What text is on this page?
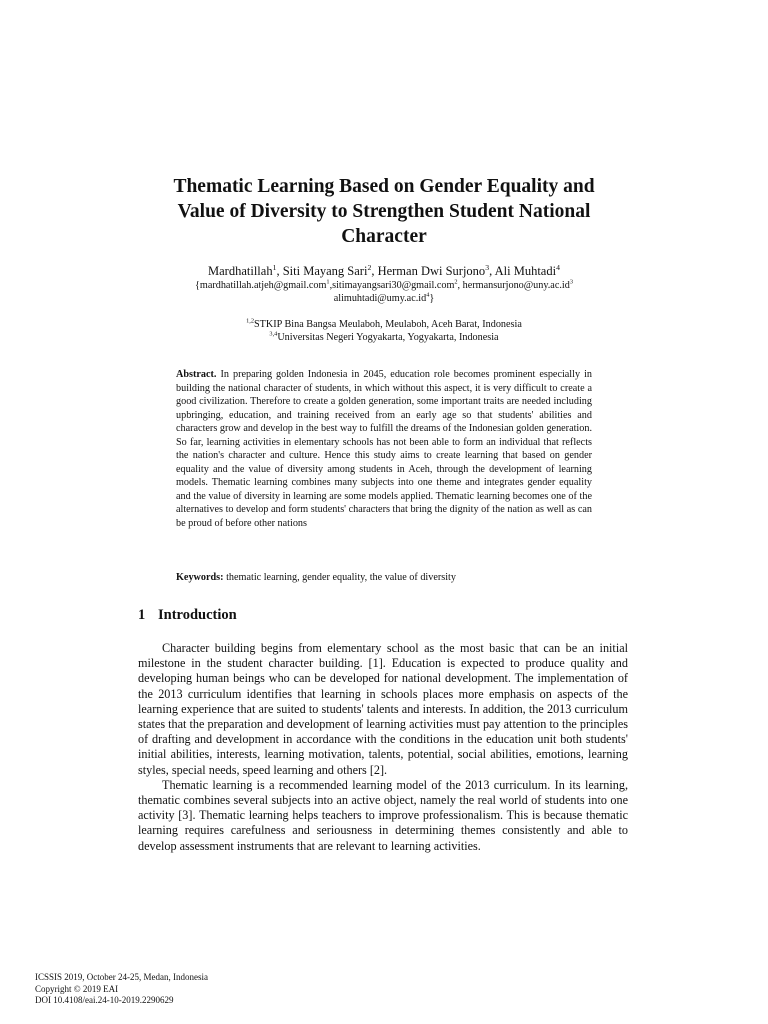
Thematic Learning Based on Gender Equality and
Value of Diversity to Strengthen Student National
Character
Mardhatillah$^1$, Siti Mayang Sari$^2$, Herman Dwi Surjono$^3$, Ali Muhtadi$^4$
{mardhatillah.atjeh@gmail.com$^1$,sitimayangsari30@gmail.com$^2$, $hermansurjono@uny.ac.id^3$
$alimuhtadi@umy.ac.id^4$}
$^{1,2}$STKIP Bina Bangsa Meulaboh, Meulaboh, Aceh Barat, Indonesia
$^{3,4}$Universitas Negeri Yogyakarta, Yogyakarta, Indonesia
Abstract. In preparing golden Indonesia in 2045, education role becomes prominent especially in building the national character of students, in which without this aspect, it is very difficult to create a good civilization. Therefore to create a golden generation, some important traits are needed including upbringing, education, and training received from an early age so that students' abilities and characters grow and develop in the best way to fulfill the dreams of the Indonesian golden generation. So far, learning activities in elementary schools has not been able to form an individual that reflects the nation's character and culture. Hence this study aims to create learning that based on gender equality and the value of diversity among students in Aceh, through the development of learning models. Thematic learning combines many subjects into one theme and integrates gender equality and the value of diversity in learning are some models applied. Thematic learning becomes one of the alternatives to develop and form students' characters that bring the dignity of the nation as well as can be proud of before other nations
Keywords: thematic learning, gender equality, the value of diversity
1 Introduction

Character building begins from elementary school as the most basic that can be an initial milestone in the student character building. [1]. Education is expected to produce quality and developing human beings who can be developed for national development. The implementation of the 2013 curriculum identifies that learning in schools places more emphasis on aspects of the learning experience that are suited to students' talents and interests. In addition, the 2013 curriculum states that the preparation and development of learning activities must pay attention to the principles of drafting and development in accordance with the conditions in the education unit both students' initial abilities, interests, learning motivation, talents, potential, social abilities, emotions, learning styles, special needs, speed learning and others [2].

Thematic learning is a recommended learning model of the 2013 curriculum. In its learning, thematic combines several subjects into an active object, namely the real world of students into one activity [3]. Thematic learning helps teachers to improve professionalism. This is because thematic learning requires carefulness and seriousness in determining themes consistently and able to develop assessment instruments that are relevant to learning activities.

ICSSIS 2019, October 24-25, Medan, Indonesia
Copyright © 2019 EAI
DOI 10.4108/eai.24-10-2019.2290629
